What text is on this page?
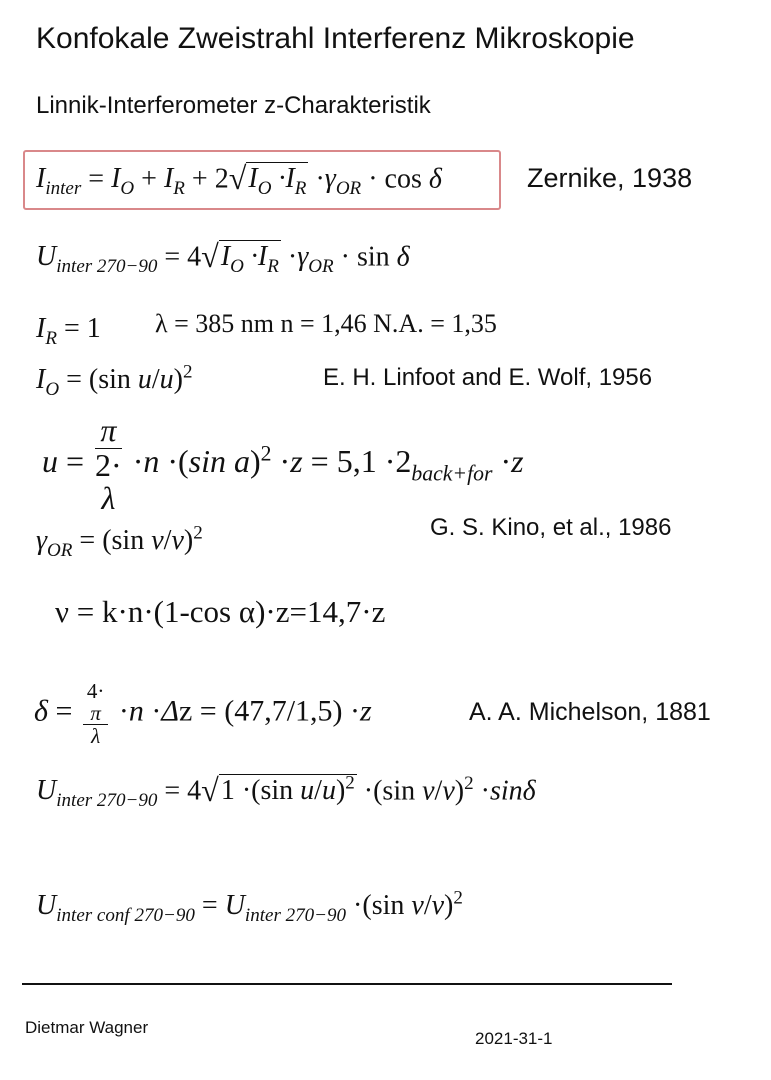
Konfokale Zweistrahl Interferenz Mikroskopie
Linnik-Interferometer z-Charakteristik
$I_{inter} = I_O + I_R + 2√I_O \cdot I_R \cdot\gamma_{OR} \cdot \cos \delta$	Zernike, 1938
$U_{inter 270-90} = 4√I_O \cdot I_R \cdot\gamma_{OR} \cdot \sin \delta$
$I_R = 1$ λ = 385 nm n = 1,46 N.A. = 1,35
$I_O = (\sin$ u/u)$^2$	E. H. Linfoot and E. Wolf, 1956
u = π
2·
λ ·n ·(sin $a)^2 \cdot z = 5,1 \cdot 2_{back+for} \cdot z$
$\gamma_{OR} = (\sin$ v/v)$^2$	G. S. Kino, et al., 1986
ν = k·n·(1-cos α)·z=14,7·z
δ = 4·
π
λ ·n ·Δz = (47,7/1,5) ·z	A. A. Michelson, 1881
$U_{inter 270-90} = 4√1 \cdot(\sin$ u/u)$^2$ ·(sin v/v)$^2$ ·sinδ
$U_{inter conf 270-90} = U_{inter 270-90} \cdot(\sin$ v/v)$^2$
Dietmar Wagner
2021-31-1
